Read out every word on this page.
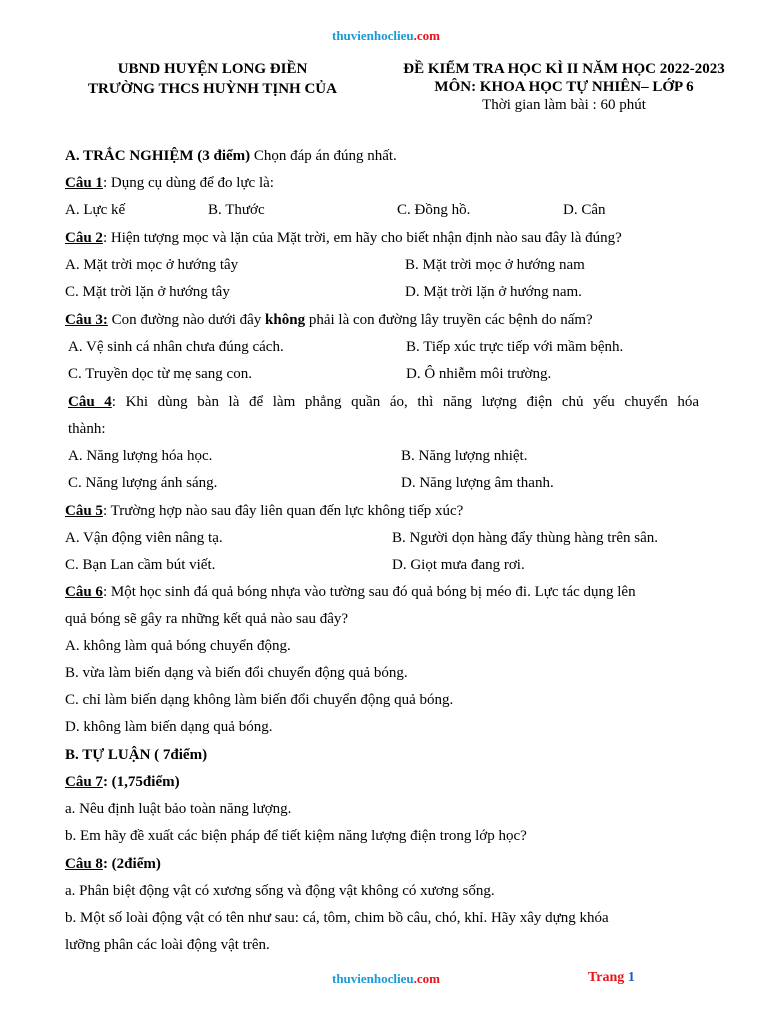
thuvienhoclieu.com
UBND HUYỆN LONG ĐIỀN
TRƯỜNG THCS HUỲNH TỊNH CỦA
ĐỀ KIỂM TRA HỌC KÌ II NĂM HỌC 2022-2023
MÔN: KHOA HỌC TỰ NHIÊN– LỚP 6
Thời gian làm bài : 60 phút
A. TRẮC NGHIỆM (3 điểm) Chọn đáp án đúng nhất.
Câu 1: Dụng cụ dùng để đo lực là:
A. Lực kế	B. Thước	C. Đồng hồ.	D. Cân
Câu 2: Hiện tượng mọc và lặn của Mặt trời, em hãy cho biết nhận định nào sau đây là đúng?
A. Mặt trời mọc ở hướng tây	B. Mặt trời mọc ở hướng nam
C. Mặt trời lặn ở hướng tây	D. Mặt trời lặn ở hướng nam.
Câu 3: Con đường nào dưới đây không phải là con đường lây truyền các bệnh do nấm?
A. Vệ sinh cá nhân chưa đúng cách.	B. Tiếp xúc trực tiếp với mầm bệnh.
C. Truyền dọc từ mẹ sang con.	D. Ô nhiễm môi trường.
Câu 4: Khi dùng bàn là để làm phẳng quần áo, thì năng lượng điện chủ yếu chuyển hóa
thành:
A. Năng lượng hóa học.	B. Năng lượng nhiệt.
C. Năng lượng ánh sáng.	D. Năng lượng âm thanh.
Câu 5: Trường hợp nào sau đây liên quan đến lực không tiếp xúc?
A. Vận động viên nâng tạ.	B. Người dọn hàng đẩy thùng hàng trên sân.
C. Bạn Lan cầm bút viết.	D. Giọt mưa đang rơi.
Câu 6: Một học sinh đá quả bóng nhựa vào tường sau đó quả bóng bị méo đi. Lực tác dụng lên
quả bóng sẽ gây ra những kết quả nào sau đây?
A. không làm quả bóng chuyển động.
B. vừa làm biến dạng và biến đổi chuyển động quả bóng.
C. chỉ làm biến dạng không làm biến đổi chuyển động quả bóng.
D. không làm biến dạng quả bóng.
B. TỰ LUẬN ( 7điểm)
Câu 7: (1,75điểm)
a. Nêu định luật bảo toàn năng lượng.
b. Em hãy đề xuất các biện pháp để tiết kiệm năng lượng điện trong lớp học?
Câu 8: (2điểm)
a. Phân biệt động vật có xương sống và động vật không có xương sống.
b. Một số loài động vật có tên như sau: cá, tôm, chim bồ câu, chó, khỉ. Hãy xây dựng khóa
lưỡng phân các loài động vật trên.
thuvienhoclieu.com	Trang 1
